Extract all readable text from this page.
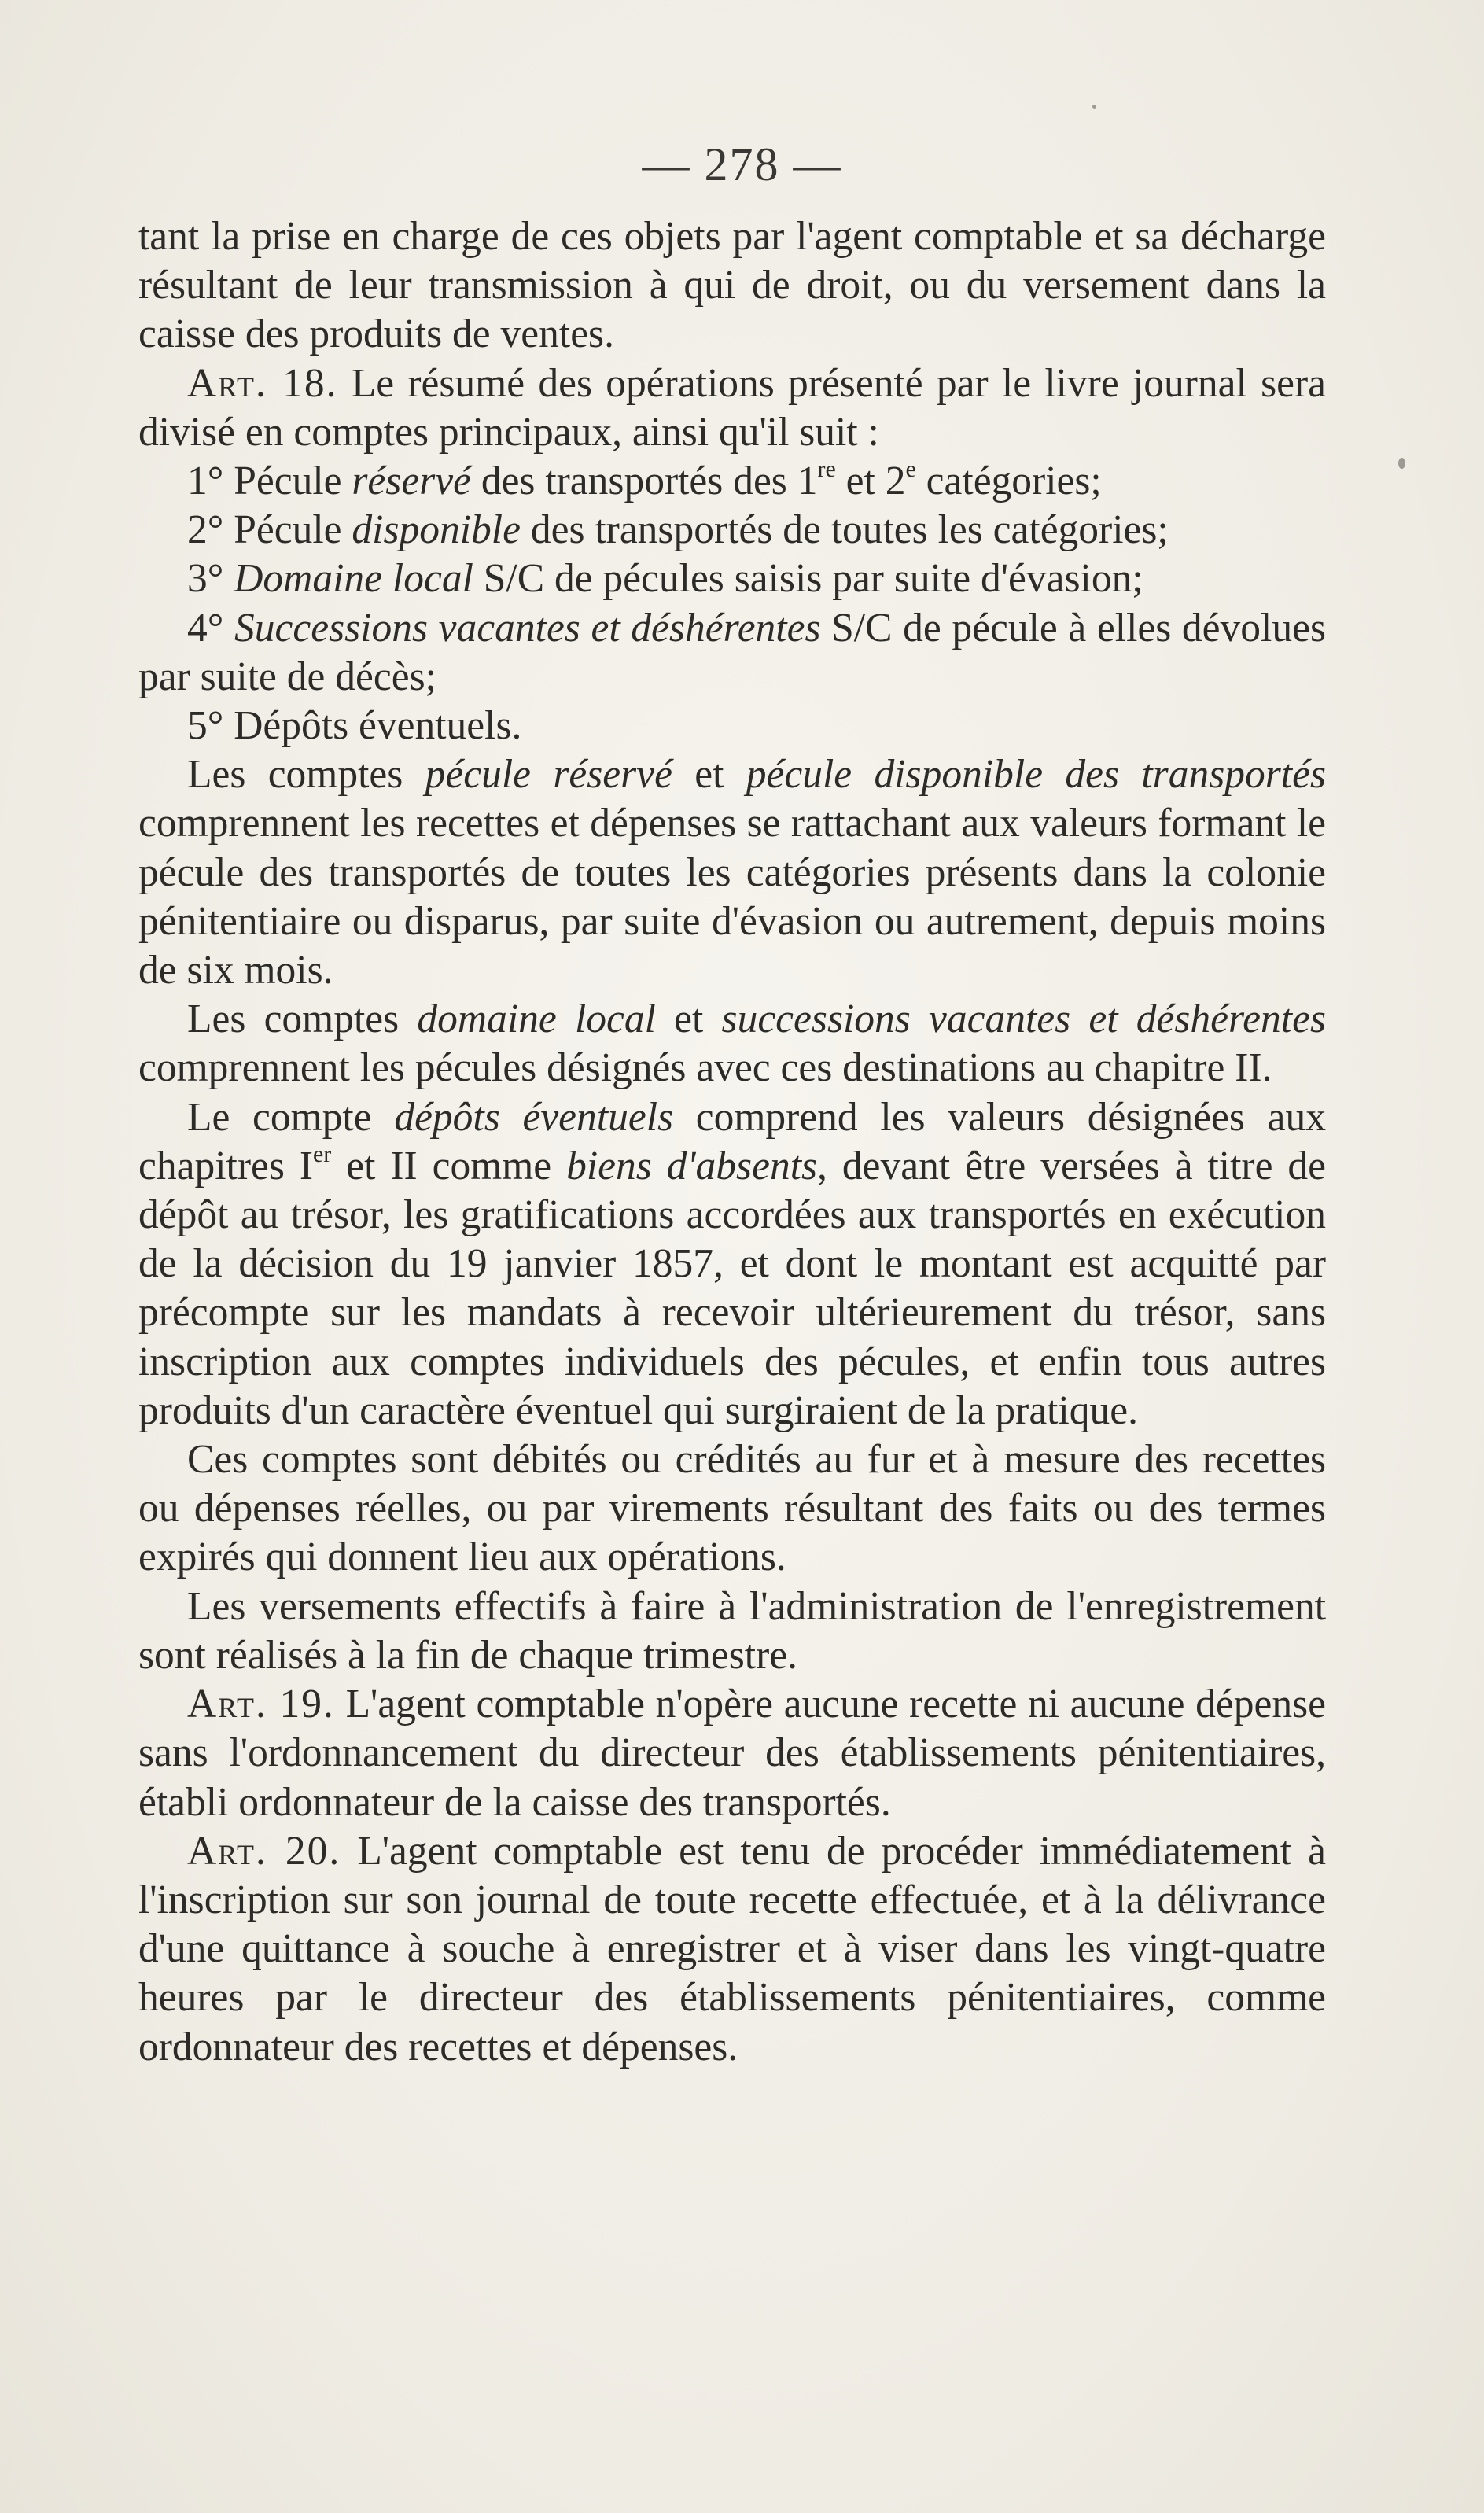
— 278 —

tant la prise en charge de ces objets par l'agent comptable et sa décharge résultant de leur transmission à qui de droit, ou du versement dans la caisse des produits de ventes.

Art. 18. Le résumé des opérations présenté par le livre journal sera divisé en comptes principaux, ainsi qu'il suit :

1° Pécule réservé des transportés des 1re et 2e catégories;

2° Pécule disponible des transportés de toutes les catégories;

3° Domaine local S/C de pécules saisis par suite d'évasion;

4° Successions vacantes et déshérentes S/C de pécule à elles dévolues par suite de décès;

5° Dépôts éventuels.

Les comptes pécule réservé et pécule disponible des transportés comprennent les recettes et dépenses se rattachant aux valeurs formant le pécule des transportés de toutes les catégories présents dans la colonie pénitentiaire ou disparus, par suite d'évasion ou autrement, depuis moins de six mois.

Les comptes domaine local et successions vacantes et déshérentes comprennent les pécules désignés avec ces destinations au chapitre II.

Le compte dépôts éventuels comprend les valeurs désignées aux chapitres Ier et II comme biens d'absents, devant être versées à titre de dépôt au trésor, les gratifications accordées aux transportés en exécution de la décision du 19 janvier 1857, et dont le montant est acquitté par précompte sur les mandats à recevoir ultérieurement du trésor, sans inscription aux comptes individuels des pécules, et enfin tous autres produits d'un caractère éventuel qui surgiraient de la pratique.

Ces comptes sont débités ou crédités au fur et à mesure des recettes ou dépenses réelles, ou par virements résultant des faits ou des termes expirés qui donnent lieu aux opérations.

Les versements effectifs à faire à l'administration de l'enregistrement sont réalisés à la fin de chaque trimestre.

Art. 19. L'agent comptable n'opère aucune recette ni aucune dépense sans l'ordonnancement du directeur des établissements pénitentiaires, établi ordonnateur de la caisse des transportés.

Art. 20. L'agent comptable est tenu de procéder immédiatement à l'inscription sur son journal de toute recette effectuée, et à la délivrance d'une quittance à souche à enregistrer et à viser dans les vingt-quatre heures par le directeur des établissements pénitentiaires, comme ordonnateur des recettes et dépenses.
